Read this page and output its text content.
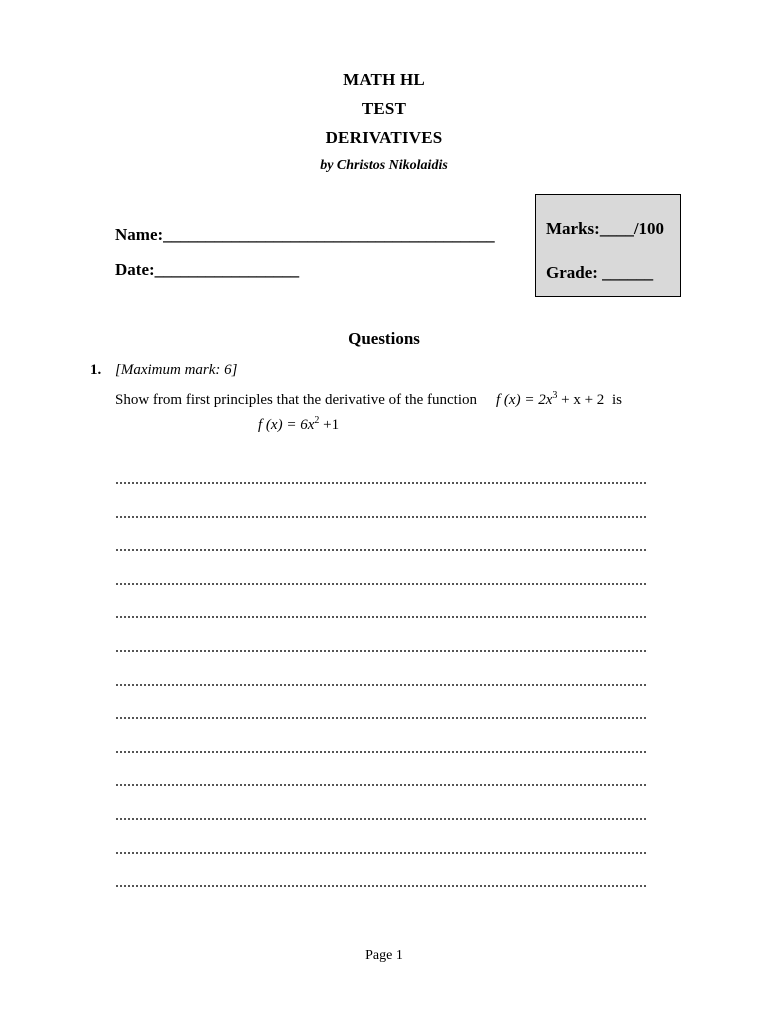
MATH HL
TEST
DERIVATIVES
by Christos Nikolaidis
Name:_______________________________________
Date:_________________
Marks:____/100
Grade: ______
Questions
1. [Maximum mark: 6]
Show from first principles that the derivative of the function f $(x) = 2x^3 + x + 2$ is
f $(x) = 6x^2 +1$
Page 1
